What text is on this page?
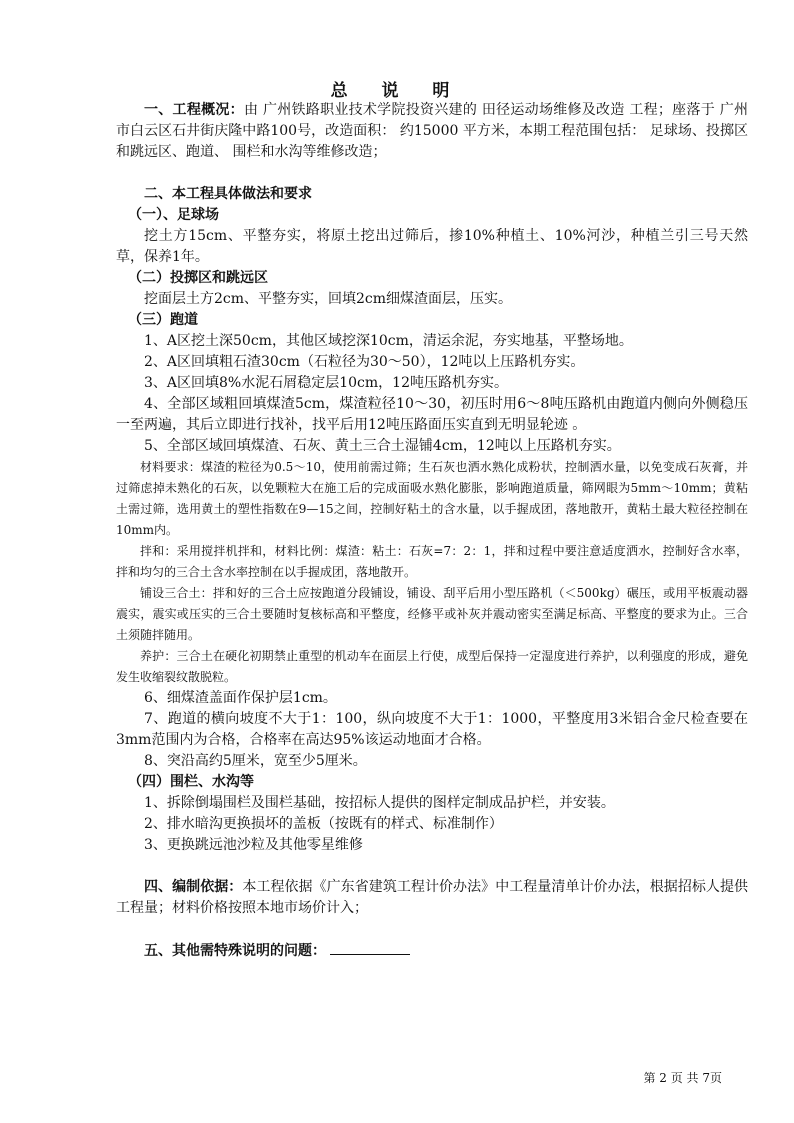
总 说 明

一、工程概况：由 广州铁路职业技术学院投资兴建的 田径运动场维修及改造 工程；座落于 广州市白云区石井街庆隆中路100号，改造面积： 约15000 平方米，本期工程范围包括： 足球场、投掷区和跳远区、跑道、 围栏和水沟等维修改造；

二、本工程具体做法和要求

（一）、足球场

挖土方15cm、平整夯实，将原土挖出过筛后，掺10%种植土、10%河沙，种植兰引三号天然草，保养1年。

（二）投掷区和跳远区

挖面层土方2cm、平整夯实，回填2cm细煤渣面层，压实。

（三）跑道

1、A区挖土深50cm，其他区域挖深10cm，清运余泥，夯实地基，平整场地。

2、A区回填粗石渣30cm（石粒径为30～50），12吨以上压路机夯实。

3、A区回填8%水泥石屑稳定层10cm，12吨压路机夯实。

4、全部区域粗回填煤渣5cm，煤渣粒径10～30，初压时用6～8吨压路机由跑道内侧向外侧稳压一至两遍，其后立即进行找补，找平后用12吨压路面压实直到无明显轮迹 。

5、全部区域回填煤渣、石灰、黄土三合土湿铺4cm，12吨以上压路机夯实。

材料要求：煤渣的粒径为0.5～10，使用前需过筛；生石灰也洒水熟化成粉状，控制洒水量，以免变成石灰膏，并过筛虑掉未熟化的石灰，以免颗粒大在施工后的完成面吸水熟化膨胀，影响跑道质量，筛网眼为5mm～10mm；黄粘土需过筛，选用黄土的塑性指数在9—15之间，控制好粘土的含水量，以手握成团，落地散开，黄粘土最大粒径控制在10mm内。

拌和：采用搅拌机拌和，材料比例：煤渣：粘土：石灰=7：2：1，拌和过程中要注意适度洒水，控制好含水率，拌和均匀的三合土含水率控制在以手握成团，落地散开。

铺设三合土：拌和好的三合土应按跑道分段铺设，铺设、刮平后用小型压路机（＜500kg）碾压，或用平板震动器震实，震实或压实的三合土要随时复核标高和平整度，经修平或补灰并震动密实至满足标高、平整度的要求为止。三合土须随拌随用。

养护：三合土在硬化初期禁止重型的机动车在面层上行使，成型后保持一定湿度进行养护，以利强度的形成，避免发生收缩裂纹散脱粒。

6、细煤渣盖面作保护层1cm。

7、跑道的横向坡度不大于1：100，纵向坡度不大于1：1000，平整度用3米铝合金尺检查要在3mm范围内为合格，合格率在高达95%该运动地面才合格。

8、突沿高约5厘米，宽至少5厘米。

（四）围栏、水沟等

1、拆除倒塌围栏及围栏基础，按招标人提供的图样定制成品护栏，并安装。

2、排水暗沟更换损坏的盖板（按既有的样式、标准制作）

3、更换跳远池沙粒及其他零星维修

四、编制依据：本工程依据《广东省建筑工程计价办法》中工程量清单计价办法，根据招标人提供工程量；材料价格按照本地市场价计入；

五、其他需特殊说明的问题：

第 2 页 共 7页
